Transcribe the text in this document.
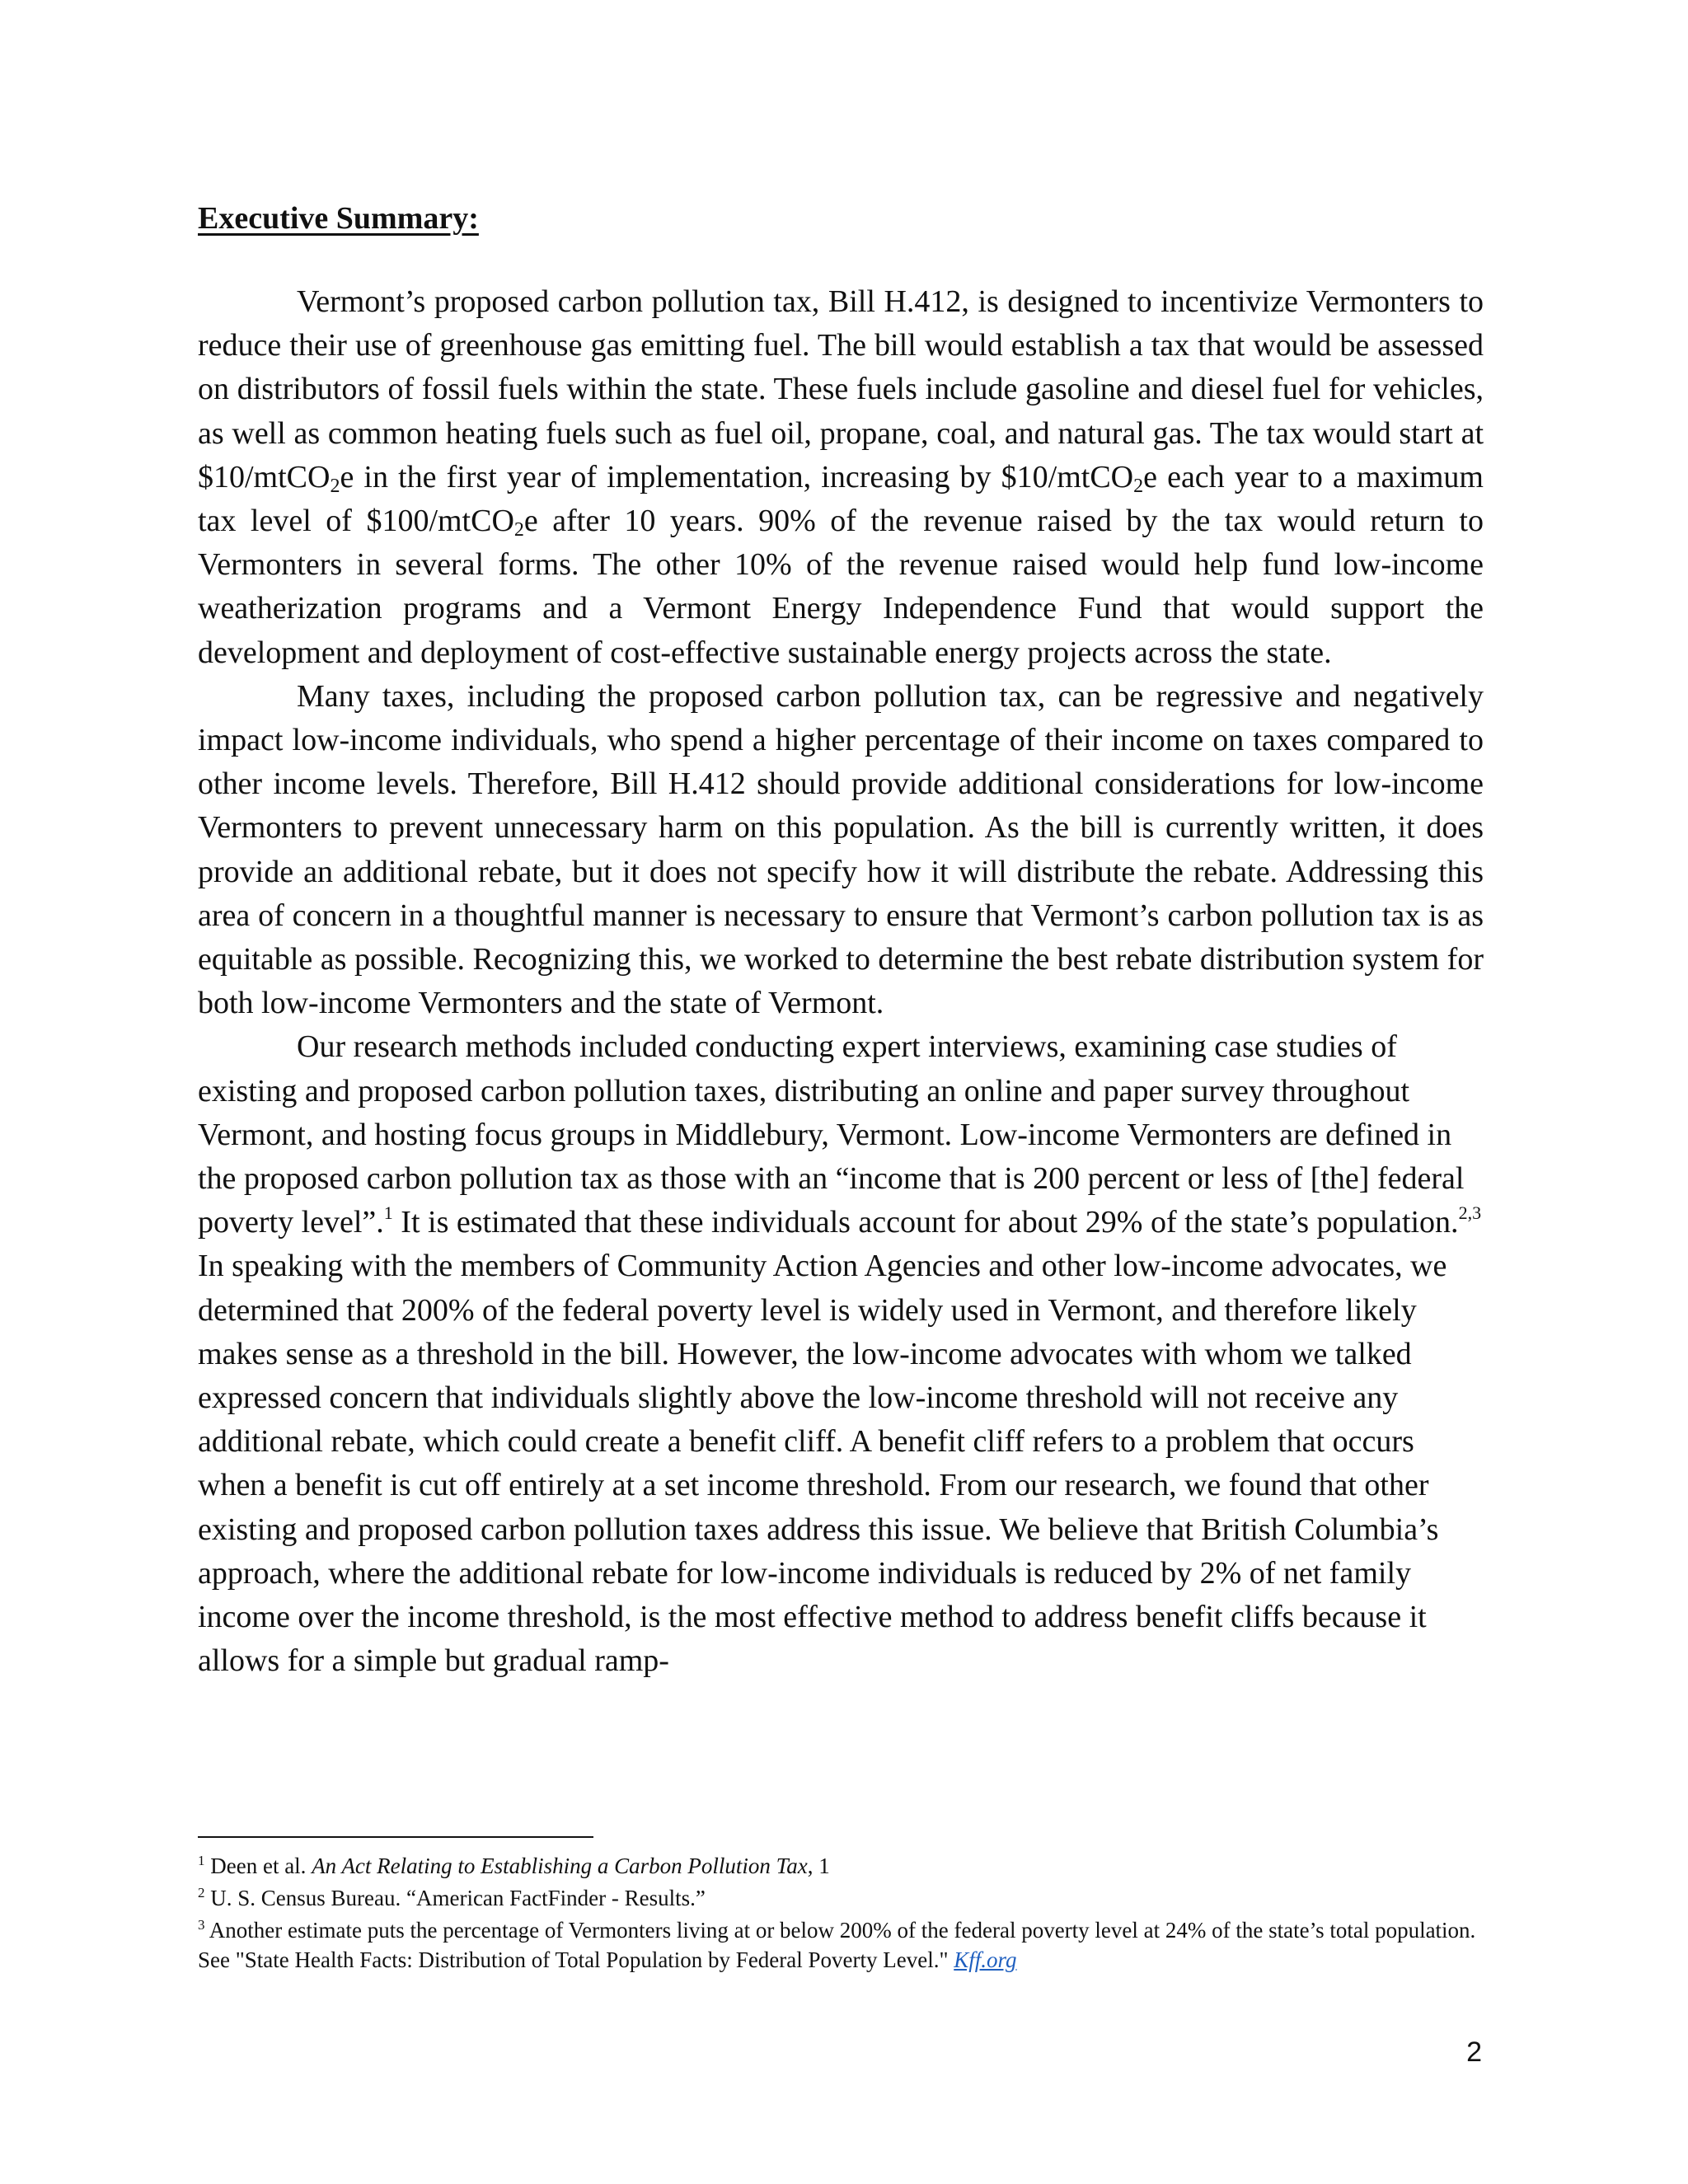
Executive Summary:

Vermont’s proposed carbon pollution tax, Bill H.412, is designed to incentivize Vermonters to reduce their use of greenhouse gas emitting fuel. The bill would establish a tax that would be assessed on distributors of fossil fuels within the state. These fuels include gasoline and diesel fuel for vehicles, as well as common heating fuels such as fuel oil, propane, coal, and natural gas. The tax would start at $10/mtCO$_2$e in the first year of implementation, increasing by $10/mtCO$_2$e each year to a maximum tax level of $100/mtCO$_2$e after 10 years. 90% of the revenue raised by the tax would return to Vermonters in several forms. The other 10% of the revenue raised would help fund low-income weatherization programs and a Vermont Energy Independence Fund that would support the development and deployment of cost-effective sustainable energy projects across the state.

Many taxes, including the proposed carbon pollution tax, can be regressive and negatively impact low-income individuals, who spend a higher percentage of their income on taxes compared to other income levels. Therefore, Bill H.412 should provide additional considerations for low-income Vermonters to prevent unnecessary harm on this population. As the bill is currently written, it does provide an additional rebate, but it does not specify how it will distribute the rebate. Addressing this area of concern in a thoughtful manner is necessary to ensure that Vermont’s carbon pollution tax is as equitable as possible. Recognizing this, we worked to determine the best rebate distribution system for both low-income Vermonters and the state of Vermont.

Our research methods included conducting expert interviews, examining case studies of existing and proposed carbon pollution taxes, distributing an online and paper survey throughout Vermont, and hosting focus groups in Middlebury, Vermont. Low-income Vermonters are defined in the proposed carbon pollution tax as those with an “income that is 200 percent or less of [the] federal poverty level”.$^1$ It is estimated that these individuals account for about 29% of the state’s population.$^{2,3}$ In speaking with the members of Community Action Agencies and other low-income advocates, we determined that 200% of the federal poverty level is widely used in Vermont, and therefore likely makes sense as a threshold in the bill. However, the low-income advocates with whom we talked expressed concern that individuals slightly above the low-income threshold will not receive any additional rebate, which could create a benefit cliff. A benefit cliff refers to a problem that occurs when a benefit is cut off entirely at a set income threshold. From our research, we found that other existing and proposed carbon pollution taxes address this issue. We believe that British Columbia’s approach, where the additional rebate for low-income individuals is reduced by 2% of net family income over the income threshold, is the most effective method to address benefit cliffs because it allows for a simple but gradual ramp-

$^1$ Deen et al. An Act Relating to Establishing a Carbon Pollution Tax, 1

$^2$ U. S. Census Bureau. “American FactFinder - Results.”

$^3$ Another estimate puts the percentage of Vermonters living at or below 200% of the federal poverty level at 24% of the state’s total population. See "State Health Facts: Distribution of Total Population by Federal Poverty Level." Kff.org

2
